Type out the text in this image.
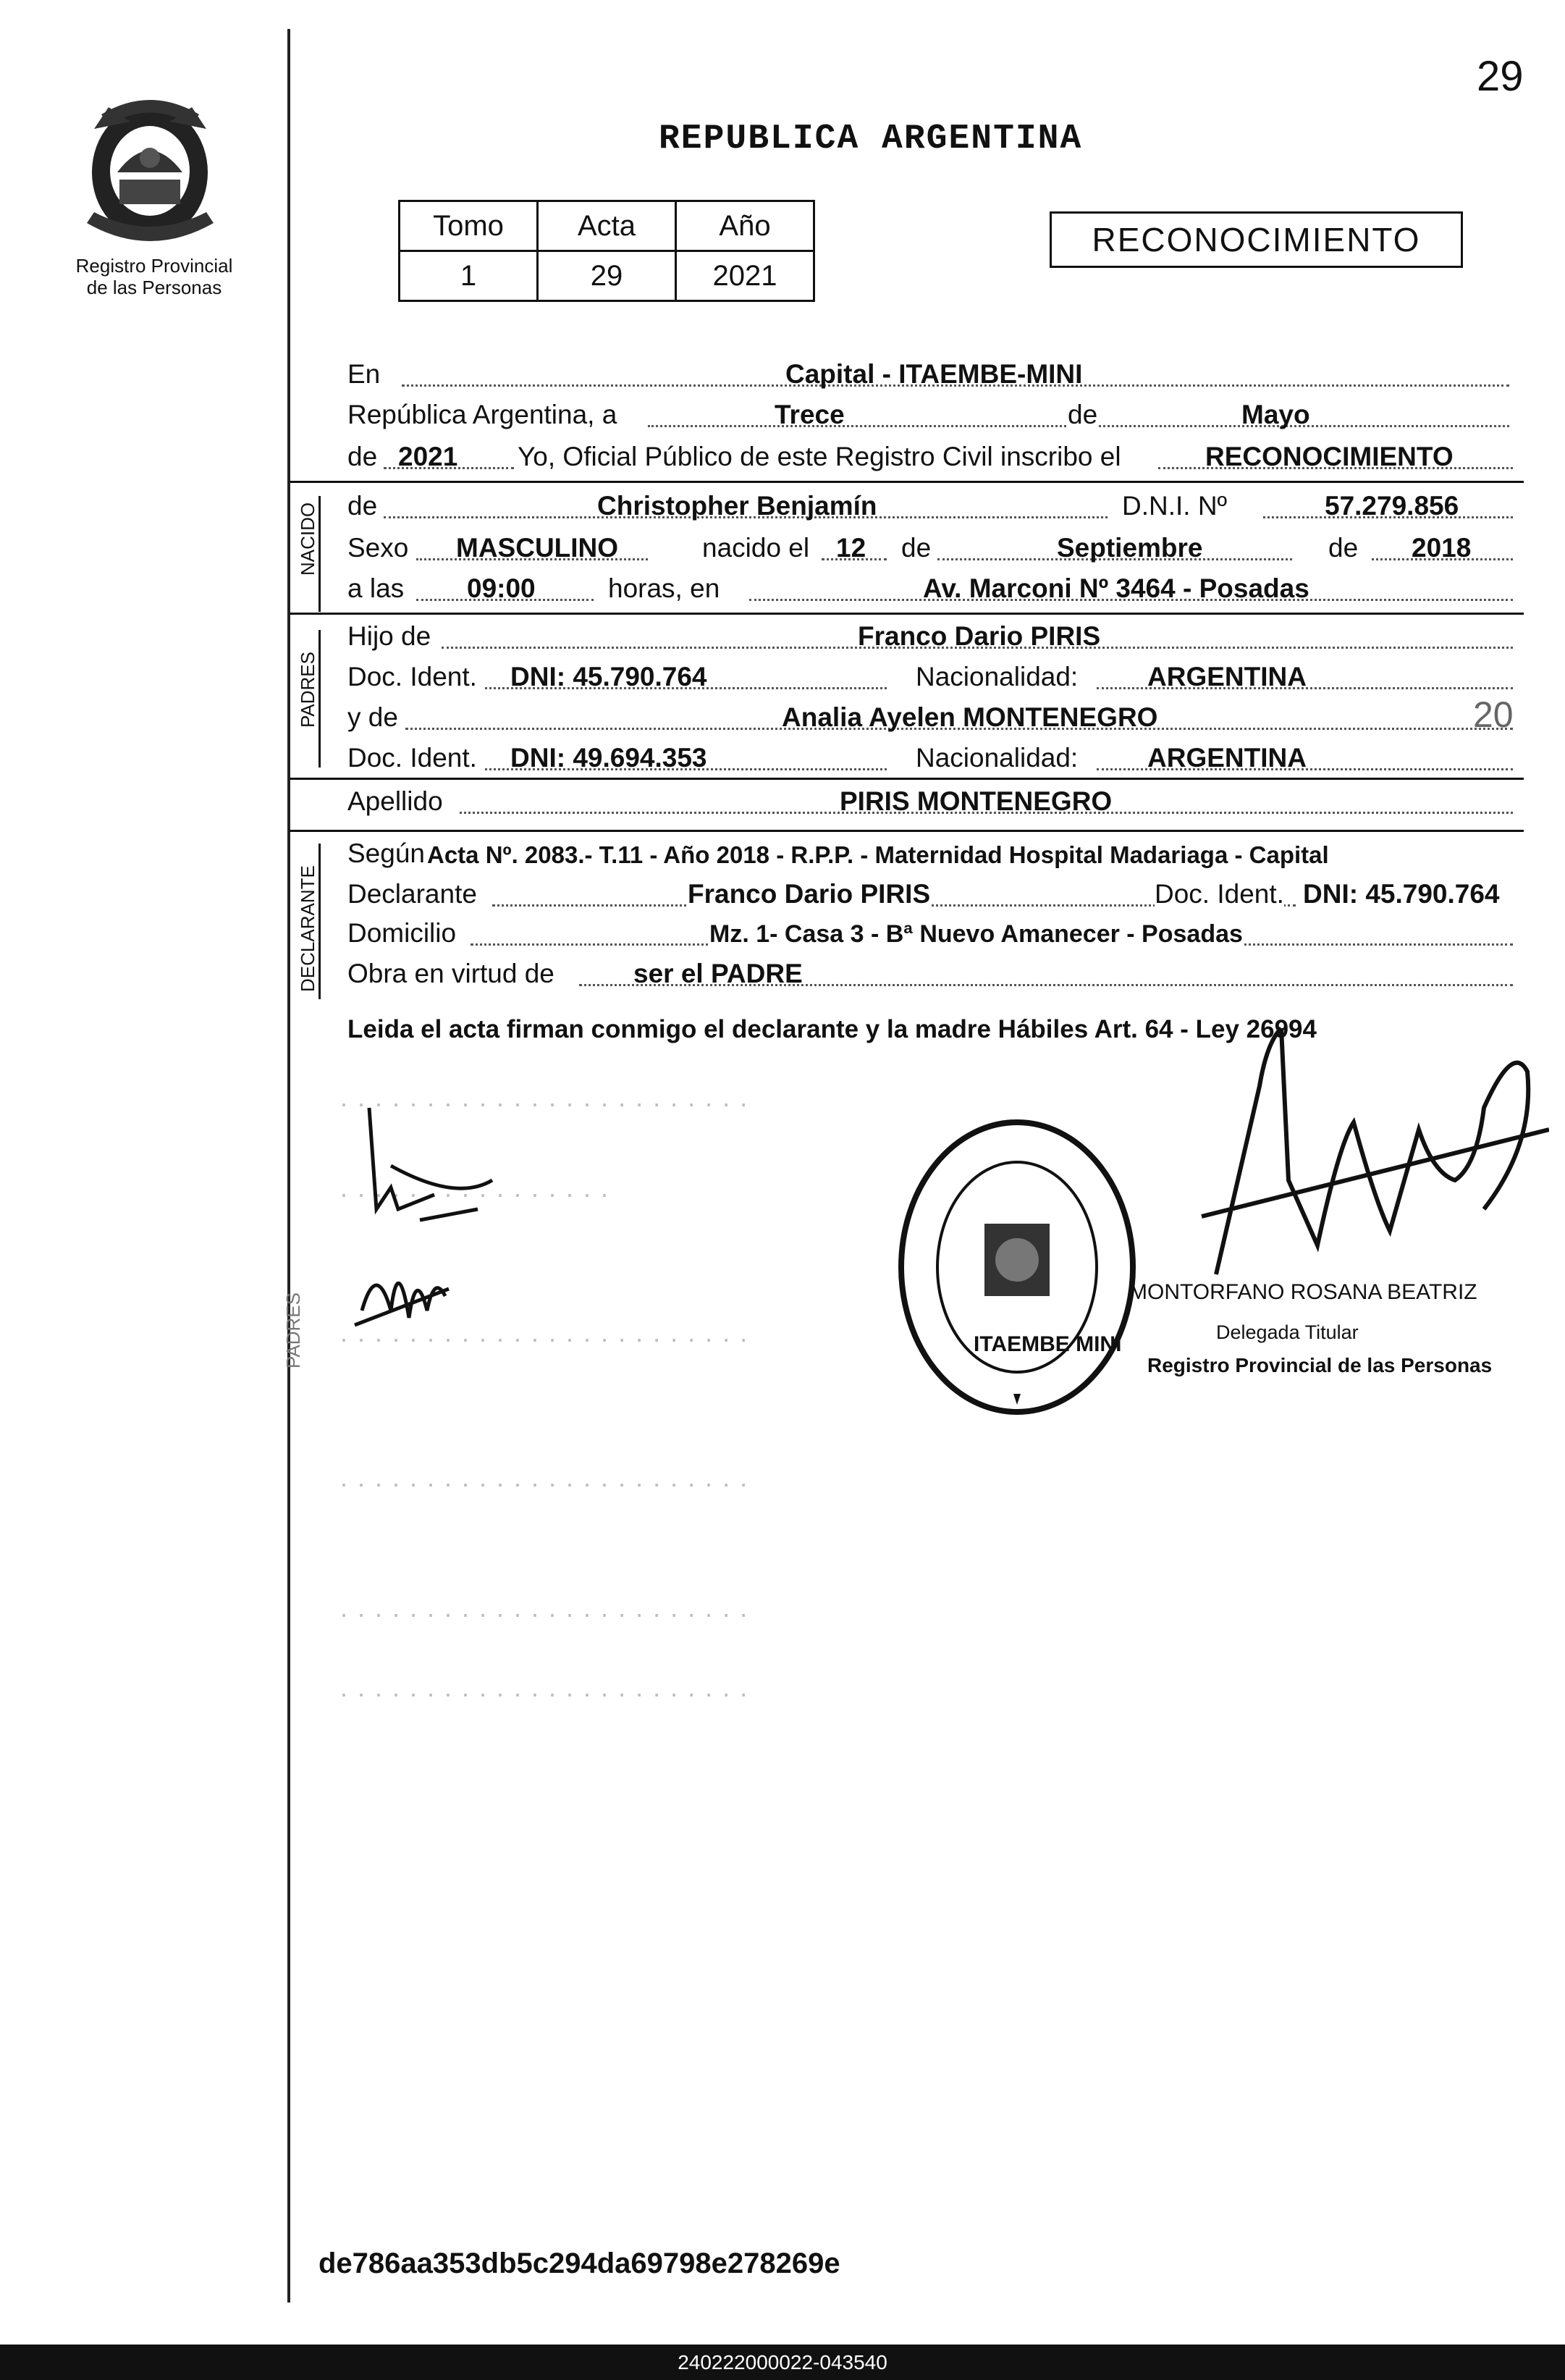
29
Registro Provincial
de las Personas
REPUBLICA ARGENTINA
Tomo	Acta	Año
1	29	2021
RECONOCIMIENTO
En	Capital - ITAEMBE-MINI
República Argentina, a	Trece	de	Mayo
de 2021 Yo, Oficial Público de este Registro Civil inscribo el	RECONOCIMIENTO
NACIDO de	Christopher Benjamín	D.N.I. Nº	57.279.856
Sexo MASCULINO	nacido el 12 de	Septiembre	de 2018
a las 09:00	horas, en	Av. Marconi Nº 3464 - Posadas
PADRES
Hijo de	Franco Dario PIRIS
Doc. Ident. DNI: 45.790.764	Nacionalidad:	ARGENTINA
y de	Analia Ayelen MONTENEGRO	20
Doc. Ident. DNI: 49.694.353	Nacionalidad:	ARGENTINA
Apellido	PIRIS MONTENEGRO
DECLARANTE
Según Acta Nº. 2083.- T.11 - Año 2018 - R.P.P. - Maternidad Hospital Madariaga - Capital
Declarante	Franco Dario PIRIS	Doc. Ident. DNI: 45.790.764
Domicilio	Mz. 1- Casa 3 - Bª Nuevo Amanecer - Posadas
Obra en virtud de	ser el PADRE
Leida el acta firman conmigo el declarante y la madre Hábiles Art. 64 - Ley 26994
. . . . . . . . . . . . . . . . . . . . . . . .
. . . . . . . . . . . . . . . .
. . . . . . . . . . . . . . . . . . . . . . . .
. . . . . . . . . . . . . . . . . . . . . . . .
. . . . . . . . . . . . . . . . . . . . . . . .
. . . . . . . . . . . . . . . . . . . . . . . .
PADRES	ITAEMBE MINI
MONTORFANO ROSANA BEATRIZ
Delegada Titular
Registro Provincial de las Personas
de786aa353db5c294da69798e278269e
240222000022-043540
